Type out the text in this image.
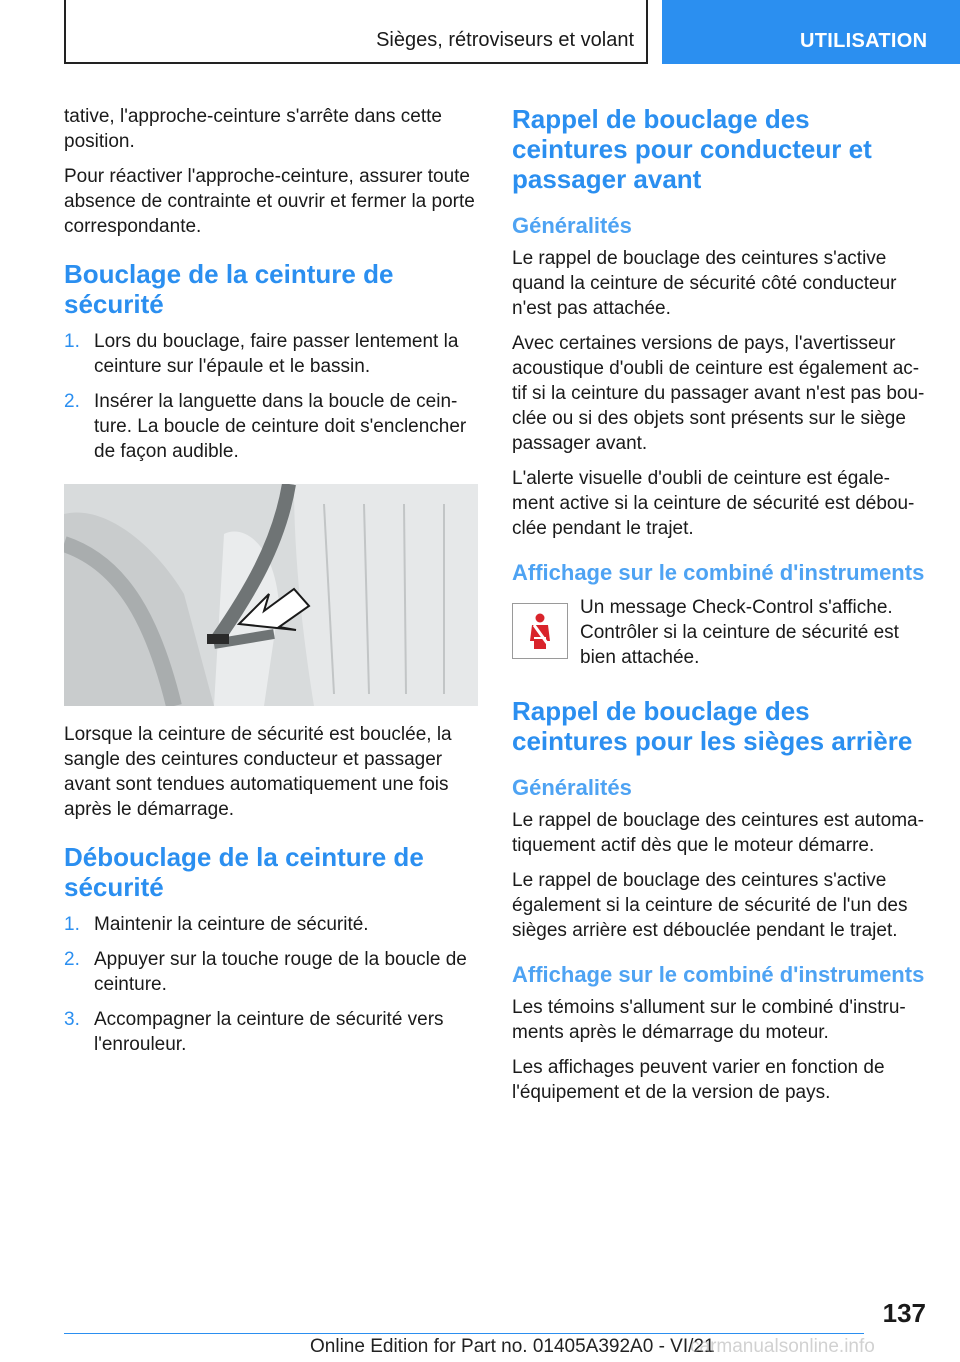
Sièges, rétroviseurs et volant	UTILISATION

tative, l'approche-ceinture s'arrête dans cette position.

Pour réactiver l'approche-ceinture, assurer toute absence de contrainte et ouvrir et fermer la porte correspondante.

Bouclage de la ceinture de sécurité
1. Lors du bouclage, faire passer lentement la ceinture sur l'épaule et le bassin.
2. Insérer la languette dans la boucle de cein-ture. La boucle de ceinture doit s'enclencher de façon audible.

Lorsque la ceinture de sécurité est bouclée, la sangle des ceintures conducteur et passager avant sont tendues automatiquement une fois après le démarrage.

Débouclage de la ceinture de sécurité
1. Maintenir la ceinture de sécurité.
2. Appuyer sur la touche rouge de la boucle de ceinture.
3. Accompagner la ceinture de sécurité vers l'enrouleur.
Rappel de bouclage des ceintures pour conducteur et passager avant
Généralités

Le rappel de bouclage des ceintures s'active quand la ceinture de sécurité côté conducteur n'est pas attachée.

Avec certaines versions de pays, l'avertisseur acoustique d'oubli de ceinture est également ac-tif si la ceinture du passager avant n'est pas bou-clée ou si des objets sont présents sur le siège passager avant.

L'alerte visuelle d'oubli de ceinture est égale-ment active si la ceinture de sécurité est débou-clée pendant le trajet.

Affichage sur le combiné d'instruments

Un message Check-Control s'affiche. Contrôler si la ceinture de sécurité est bien attachée.

Rappel de bouclage des ceintures pour les sièges arrière
Généralités

Le rappel de bouclage des ceintures est automa-tiquement actif dès que le moteur démarre.

Le rappel de bouclage des ceintures s'active également si la ceinture de sécurité de l'un des sièges arrière est débouclée pendant le trajet.

Affichage sur le combiné d'instruments

Les témoins s'allument sur le combiné d'instru-ments après le démarrage du moteur.

Les affichages peuvent varier en fonction de l'équipement et de la version de pays.

137
Online Edition for Part no. 01405A392A0 - VI/21
carmanualsonline.info
